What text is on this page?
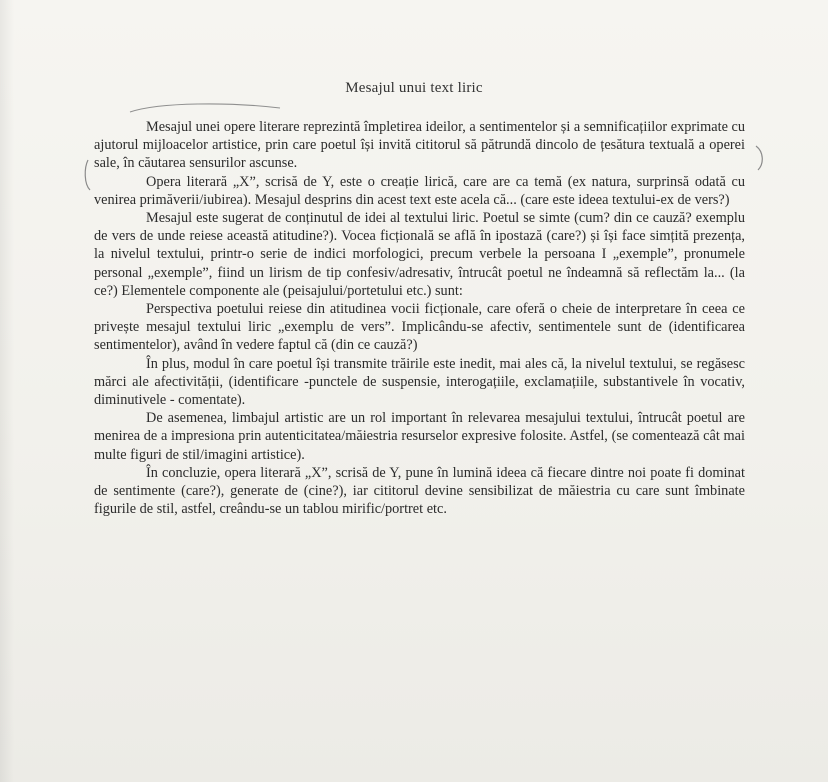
Mesajul unui text liric

Mesajul unei opere literare reprezintă împletirea ideilor, a sentimentelor și a semnificațiilor exprimate cu ajutorul mijloacelor artistice, prin care poetul își invită cititorul să pătrundă dincolo de țesătura textuală a operei sale, în căutarea sensurilor ascunse.

Opera literară „X”, scrisă de Y, este o creație lirică, care are ca temă (ex natura, surprinsă odată cu venirea primăverii/iubirea). Mesajul desprins din acest text este acela că... (care este ideea textului-ex de vers?)

Mesajul este sugerat de conținutul de idei al textului liric. Poetul se simte (cum? din ce cauză? exemplu de vers de unde reiese această atitudine?). Vocea ficțională se află în ipostază (care?) și își face simțită prezența, la nivelul textului, printr-o serie de indici morfologici, precum verbele la persoana I „exemple”, pronumele personal „exemple”, fiind un lirism de tip confesiv/adresativ, întrucât poetul ne îndeamnă să reflectăm la... (la ce?) Elementele componente ale (peisajului/portetului etc.) sunt:

Perspectiva poetului reiese din atitudinea vocii ficționale, care oferă o cheie de interpretare în ceea ce privește mesajul textului liric „exemplu de vers”. Implicându-se afectiv, sentimentele sunt de (identificarea sentimentelor), având în vedere faptul că (din ce cauză?)

În plus, modul în care poetul își transmite trăirile este inedit, mai ales că, la nivelul textului, se regăsesc mărci ale afectivității, (identificare -punctele de suspensie, interogațiile, exclamațiile, substantivele în vocativ, diminutivele - comentate).

De asemenea, limbajul artistic are un rol important în relevarea mesajului textului, întrucât poetul are menirea de a impresiona prin autenticitatea/măiestria resurselor expresive folosite. Astfel, (se comentează cât mai multe figuri de stil/imagini artistice).

În concluzie, opera literară „X”, scrisă de Y, pune în lumină ideea că fiecare dintre noi poate fi dominat de sentimente (care?), generate de (cine?), iar cititorul devine sensibilizat de măiestria cu care sunt îmbinate figurile de stil, astfel, creându-se un tablou mirific/portret etc.
